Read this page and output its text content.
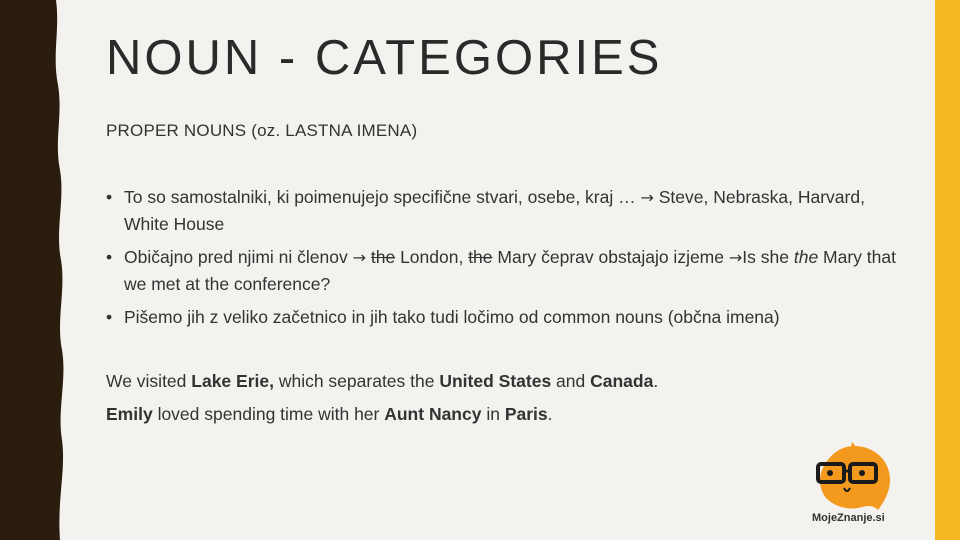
NOUN - CATEGORIES
PROPER NOUNS (oz. LASTNA IMENA)
• To so samostalniki, ki poimenujejo specifične stvari, osebe, kraj … → Steve, Nebraska, Harvard, White House
• Običajno pred njimi ni členov → the London, the Mary čeprav obstajajo izjeme →Is she the Mary that we met at the conference?
• Pišemo jih z veliko začetnico in jih tako tudi ločimo od common nouns (občna imena)
We visited Lake Erie, which separates the United States and Canada.
Emily loved spending time with her Aunt Nancy in Paris.
MojeZnanje.si
